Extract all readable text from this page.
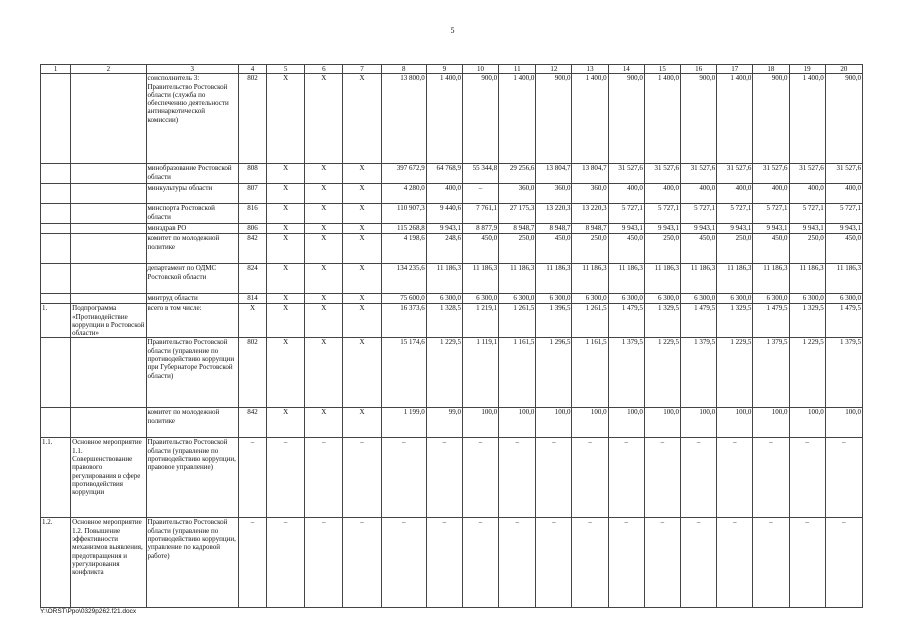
5
1	2	3	4	5	6	7	8	9	10	11	12	13	14	15	16	17	18	19	20
		соисполнитель 3: Правительство Ростовской области (служба по обеспечению деятельности антинаркотической комиссии)	802	Х	Х	Х	13 800,0	1 400,0	900,0	1 400,0	900,0	1 400,0	900,0	1 400,0	900,0	1 400,0	900,0	1 400,0	900,0
		минобразование Ростовской области	808	Х	Х	Х	397 672,9	64 768,9	55 344,8	29 256,6	13 804,7	13 804,7	31 527,6	31 527,6	31 527,6	31 527,6	31 527,6	31 527,6	31 527,6
		минкультуры области	807	Х	Х	Х	4 280,0	400,0	–	360,0	360,0	360,0	400,0	400,0	400,0	400,0	400,0	400,0	400,0
		минспорта Ростовской области	816	Х	Х	Х	110 907,3	9 440,6	7 761,1	27 175,3	13 220,3	13 220,3	5 727,1	5 727,1	5 727,1	5 727,1	5 727,1	5 727,1	5 727,1
		минздрав РО	806	Х	Х	Х	115 268,8	9 943,1	8 877,9	8 948,7	8 948,7	8 948,7	9 943,1	9 943,1	9 943,1	9 943,1	9 943,1	9 943,1	9 943,1
		комитет по молодежной политике	842	Х	Х	Х	4 198,6	248,6	450,0	250,0	450,0	250,0	450,0	250,0	450,0	250,0	450,0	250,0	450,0
		департамент по ОДМС Ростовской области	824	Х	Х	Х	134 235,6	11 186,3	11 186,3	11 186,3	11 186,3	11 186,3	11 186,3	11 186,3	11 186,3	11 186,3	11 186,3	11 186,3	11 186,3
		минтруд области	814	Х	Х	Х	75 600,0	6 300,0	6 300,0	6 300,0	6 300,0	6 300,0	6 300,0	6 300,0	6 300,0	6 300,0	6 300,0	6 300,0	6 300,0
1.	Подпрограмма «Противодействие коррупции в Ростовской области»	всего в том числе:	Х	Х	Х	Х	16 373,6	1 328,5	1 219,1	1 261,5	1 396,5	1 261,5	1 479,5	1 329,5	1 479,5	1 329,5	1 479,5	1 329,5	1 479,5
		Правительство Ростовской области (управление по противодействию коррупции при Губернаторе Ростовской области)	802	Х	Х	Х	15 174,6	1 229,5	1 119,1	1 161,5	1 296,5	1 161,5	1 379,5	1 229,5	1 379,5	1 229,5	1 379,5	1 229,5	1 379,5
		комитет по молодежной политике	842	Х	Х	Х	1 199,0	99,0	100,0	100,0	100,0	100,0	100,0	100,0	100,0	100,0	100,0	100,0	100,0
1.1.	Основное мероприятие 1.1. Совершенствование правового регулирования в сфере противодействия коррупции	Правительство Ростовской области (управление по противодействию коррупции, правовое управление)	–	–	–	–	–	–	–	–	–	–	–	–	–	–	–	–	–
1.2.	Основное мероприятие 1.2. Повышение эффективности механизмов выявления, предотвращения и урегулирования конфликта	Правительство Ростовской области (управление по противодействию коррупции, управление по кадровой работе)	–	–	–	–	–	–	–	–	–	–	–	–	–	–	–	–	–
Y:\ORST\Ppo\0329p262.f21.docx
